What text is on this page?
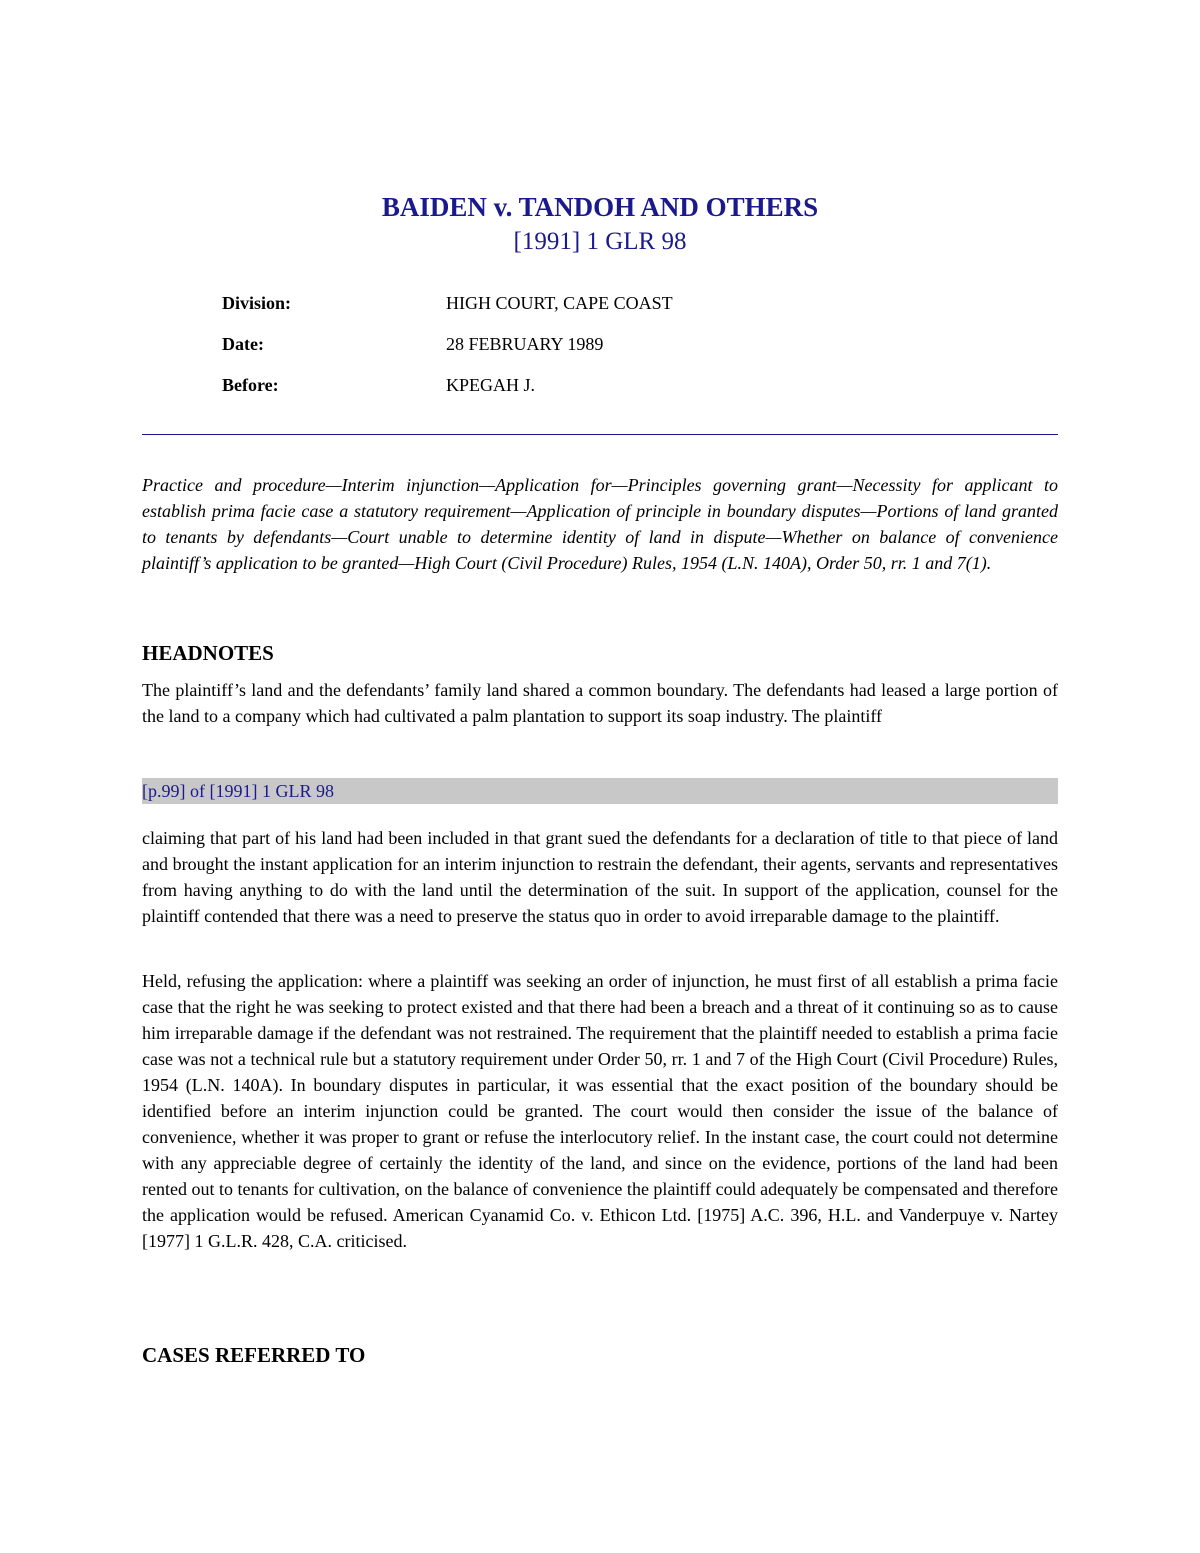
BAIDEN v. TANDOH AND OTHERS
[1991] 1 GLR 98
Division:	HIGH COURT, CAPE COAST
Date:	28 FEBRUARY 1989
Before:	KPEGAH J.

Practice and procedure—Interim injunction—Application for—Principles governing grant—Necessity for applicant to establish prima facie case a statutory requirement—Application of principle in boundary disputes—Portions of land granted to tenants by defendants—Court unable to determine identity of land in dispute—Whether on balance of convenience plaintiff’s application to be granted—High Court (Civil Procedure) Rules, 1954 (L.N. 140A), Order 50, rr. 1 and 7(1).

HEADNOTES

The plaintiff’s land and the defendants’ family land shared a common boundary. The defendants had leased a large portion of the land to a company which had cultivated a palm plantation to support its soap industry. The plaintiff

[p.99] of [1991] 1 GLR 98

claiming that part of his land had been included in that grant sued the defendants for a declaration of title to that piece of land and brought the instant application for an interim injunction to restrain the defendant, their agents, servants and representatives from having anything to do with the land until the determination of the suit. In support of the application, counsel for the plaintiff contended that there was a need to preserve the status quo in order to avoid irreparable damage to the plaintiff.

Held, refusing the application: where a plaintiff was seeking an order of injunction, he must first of all establish a prima facie case that the right he was seeking to protect existed and that there had been a breach and a threat of it continuing so as to cause him irreparable damage if the defendant was not restrained. The requirement that the plaintiff needed to establish a prima facie case was not a technical rule but a statutory requirement under Order 50, rr. 1 and 7 of the High Court (Civil Procedure) Rules, 1954 (L.N. 140A). In boundary disputes in particular, it was essential that the exact position of the boundary should be identified before an interim injunction could be granted. The court would then consider the issue of the balance of convenience, whether it was proper to grant or refuse the interlocutory relief. In the instant case, the court could not determine with any appreciable degree of certainly the identity of the land, and since on the evidence, portions of the land had been rented out to tenants for cultivation, on the balance of convenience the plaintiff could adequately be compensated and therefore the application would be refused. American Cyanamid Co. v. Ethicon Ltd. [1975] A.C. 396, H.L. and Vanderpuye v. Nartey [1977] 1 G.L.R. 428, C.A. criticised.

CASES REFERRED TO
